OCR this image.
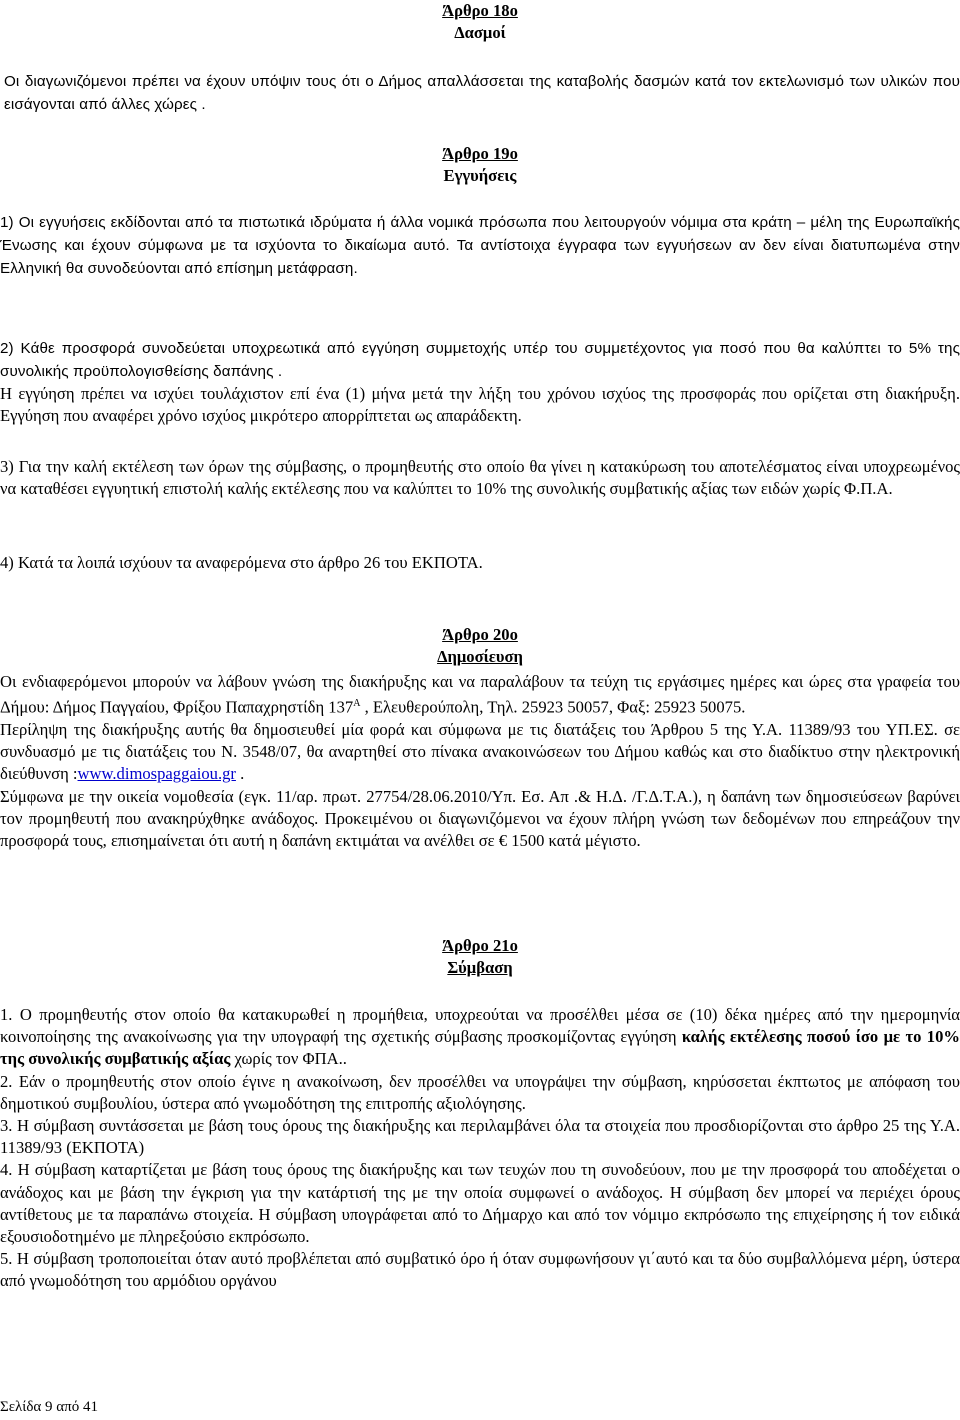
Άρθρο 18ο

Δασμοί

Οι διαγωνιζόμενοι πρέπει να έχουν υπόψιν τους ότι ο Δήμος απαλλάσσεται της καταβολής δασμών κατά τον εκτελωνισμό των υλικών που εισάγονται από άλλες χώρες .

Άρθρο 19ο

Εγγυήσεις

1) Οι εγγυήσεις εκδίδονται από τα πιστωτικά ιδρύματα ή άλλα νομικά πρόσωπα που λειτουργούν νόμιμα στα κράτη – μέλη της Ευρωπαϊκής Ένωσης και έχουν σύμφωνα με τα ισχύοντα το δικαίωμα αυτό. Τα αντίστοιχα έγγραφα των εγγυήσεων αν δεν είναι διατυπωμένα στην Ελληνική θα συνοδεύονται από επίσημη μετάφραση.

2) Κάθε προσφορά συνοδεύεται υποχρεωτικά από εγγύηση συμμετοχής υπέρ του συμμετέχοντος για ποσό που θα καλύπτει το 5% της συνολικής προϋπολογισθείσης δαπάνης .

Η εγγύηση πρέπει να ισχύει τουλάχιστον επί ένα (1) μήνα μετά την λήξη του χρόνου ισχύος της προσφοράς που ορίζεται στη διακήρυξη. Εγγύηση που αναφέρει χρόνο ισχύος μικρότερο απορρίπτεται ως απαράδεκτη.

3) Για την καλή εκτέλεση των όρων της σύμβασης, ο προμηθευτής στο οποίο θα γίνει η κατακύρωση του αποτελέσματος είναι υποχρεωμένος να καταθέσει εγγυητική επιστολή καλής εκτέλεσης που να καλύπτει το 10% της συνολικής συμβατικής αξίας των ειδών χωρίς Φ.Π.Α.

4) Κατά τα λοιπά ισχύουν τα αναφερόμενα στο άρθρο 26 του ΕΚΠΟΤΑ.

Άρθρο 20ο

Δημοσίευση

Οι ενδιαφερόμενοι μπορούν να λάβουν γνώση της διακήρυξης και να παραλάβουν τα τεύχη τις εργάσιμες ημέρες και ώρες στα γραφεία του Δήμου: Δήμος Παγγαίου, Φρίξου Παπαχρηστίδη $137^A$ , Ελευθερούπολη, Τηλ. 25923 50057, Φαξ: 25923 50075.

Περίληψη της διακήρυξης αυτής θα δημοσιευθεί μία φορά και σύμφωνα με τις διατάξεις του Άρθρου 5 της Υ.Α. 11389/93 του ΥΠ.ΕΣ. σε συνδυασμό με τις διατάξεις του Ν. 3548/07, θα αναρτηθεί στο πίνακα ανακοινώσεων του Δήμου καθώς και στο διαδίκτυο στην ηλεκτρονική διεύθυνση :www.dimospaggaiou.gr .

Σύμφωνα με την οικεία νομοθεσία (εγκ. 11/αρ. πρωτ. 27754/28.06.2010/Υπ. Εσ. Απ .& Η.Δ. /Γ.Δ.Τ.Α.), η δαπάνη των δημοσιεύσεων βαρύνει τον προμηθευτή που ανακηρύχθηκε ανάδοχος. Προκειμένου οι διαγωνιζόμενοι να έχουν πλήρη γνώση των δεδομένων που επηρεάζουν την προσφορά τους, επισημαίνεται ότι αυτή η δαπάνη εκτιμάται να ανέλθει σε € 1500 κατά μέγιστο.

Άρθρο 21ο

Σύμβαση

1. Ο προμηθευτής στον οποίο θα κατακυρωθεί η προμήθεια, υποχρεούται να προσέλθει μέσα σε (10) δέκα ημέρες από την ημερομηνία κοινοποίησης της ανακοίνωσης για την υπογραφή της σχετικής σύμβασης προσκομίζοντας εγγύηση καλής εκτέλεσης ποσού ίσο με το 10% της συνολικής συμβατικής αξίας χωρίς τον ΦΠΑ..

2. Εάν ο προμηθευτής στον οποίο έγινε η ανακοίνωση, δεν προσέλθει να υπογράψει την σύμβαση, κηρύσσεται έκπτωτος με απόφαση του δημοτικού συμβουλίου, ύστερα από γνωμοδότηση της επιτροπής αξιολόγησης.

3. Η σύμβαση συντάσσεται με βάση τους όρους της διακήρυξης και περιλαμβάνει όλα τα στοιχεία που προσδιορίζονται στο άρθρο 25 της Υ.Α. 11389/93 (ΕΚΠΟΤΑ)

4. Η σύμβαση καταρτίζεται με βάση τους όρους της διακήρυξης και των τευχών που τη συνοδεύουν, που με την προσφορά του αποδέχεται ο ανάδοχος και με βάση την έγκριση για την κατάρτισή της με την οποία συμφωνεί ο ανάδοχος. Η σύμβαση δεν μπορεί να περιέχει όρους αντίθετους με τα παραπάνω στοιχεία. Η σύμβαση υπογράφεται από το Δήμαρχο και από τον νόμιμο εκπρόσωπο της επιχείρησης ή τον ειδικά εξουσιοδοτημένο με πληρεξούσιο εκπρόσωπο.

5. Η σύμβαση τροποποιείται όταν αυτό προβλέπεται από συμβατικό όρο ή όταν συμφωνήσουν γι΄αυτό και τα δύο συμβαλλόμενα μέρη, ύστερα από γνωμοδότηση του αρμόδιου οργάνου

Σελίδα 9 από 41
